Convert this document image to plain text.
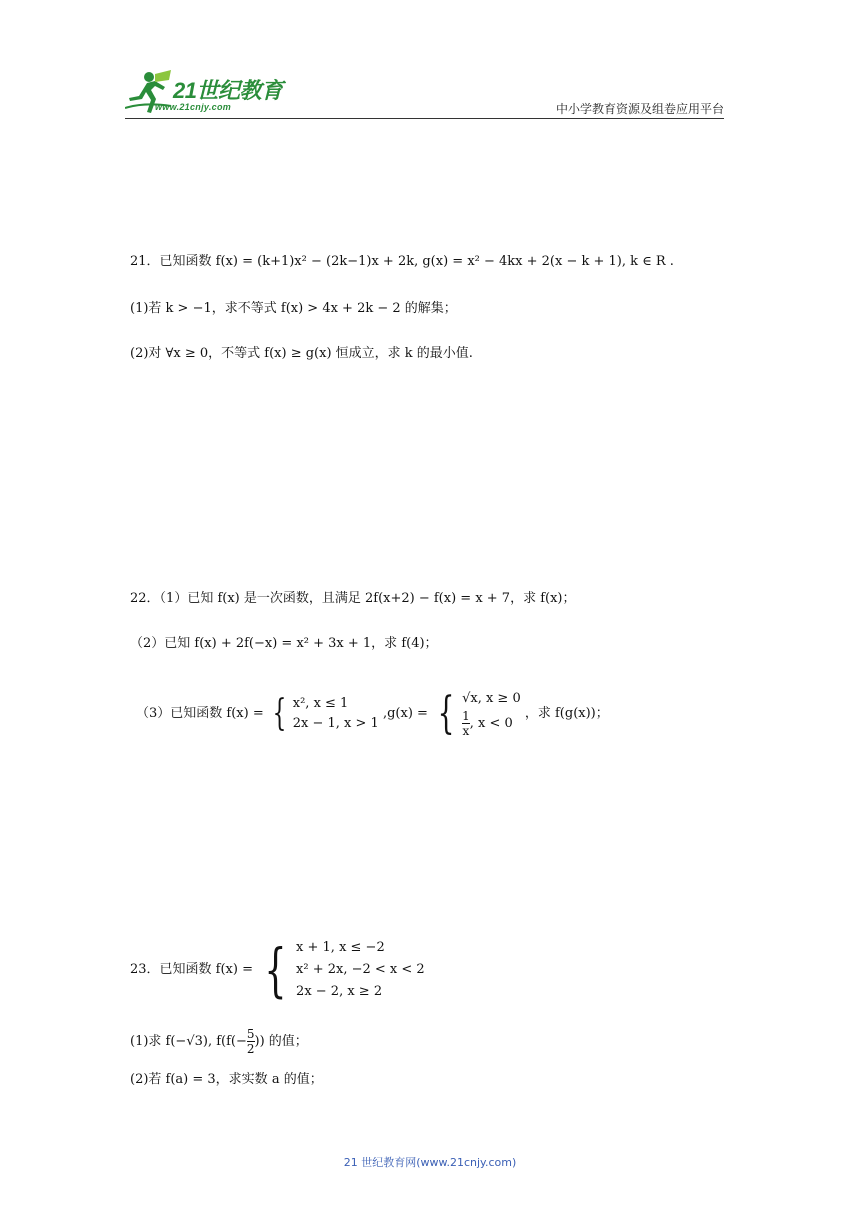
21世纪教育
www.21cnjy.com	中小学教育资源及组卷应用平台
21．已知函数 f(x) = (k+1)x² − (2k−1)x + 2k, g(x) = x² − 4kx + 2(x − k + 1), k ∈ R .
(1)若 k > −1，求不等式 f(x) > 4x + 2k − 2 的解集；
(2)对 ∀x ≥ 0，不等式 f(x) ≥ g(x) 恒成立，求 k 的最小值.
22．（1）已知 f(x) 是一次函数，且满足 2f(x+2) − f(x) = x + 7，求 f(x)；
（2）已知 f(x) + 2f(−x) = x² + 3x + 1，求 f(4)；
（3）已知函数 f(x) = { x², x ≤ 1
2x − 1, x > 1
,g(x) = { √x, x ≥ 0
$\frac{1}{x}$ , x < 0
，求 f(g(x))；
23．已知函数 f(x) = { x + 1, x ≤ −2
x² + 2x, −2 < x < 2
2x − 2, x ≥ 2
(1)求 f(−√3), $f(f(- \frac{5}{2}$ )) 的值；
(2)若 f(a) = 3，求实数 a 的值；
21 世纪教育网(www.21cnjy.com)
